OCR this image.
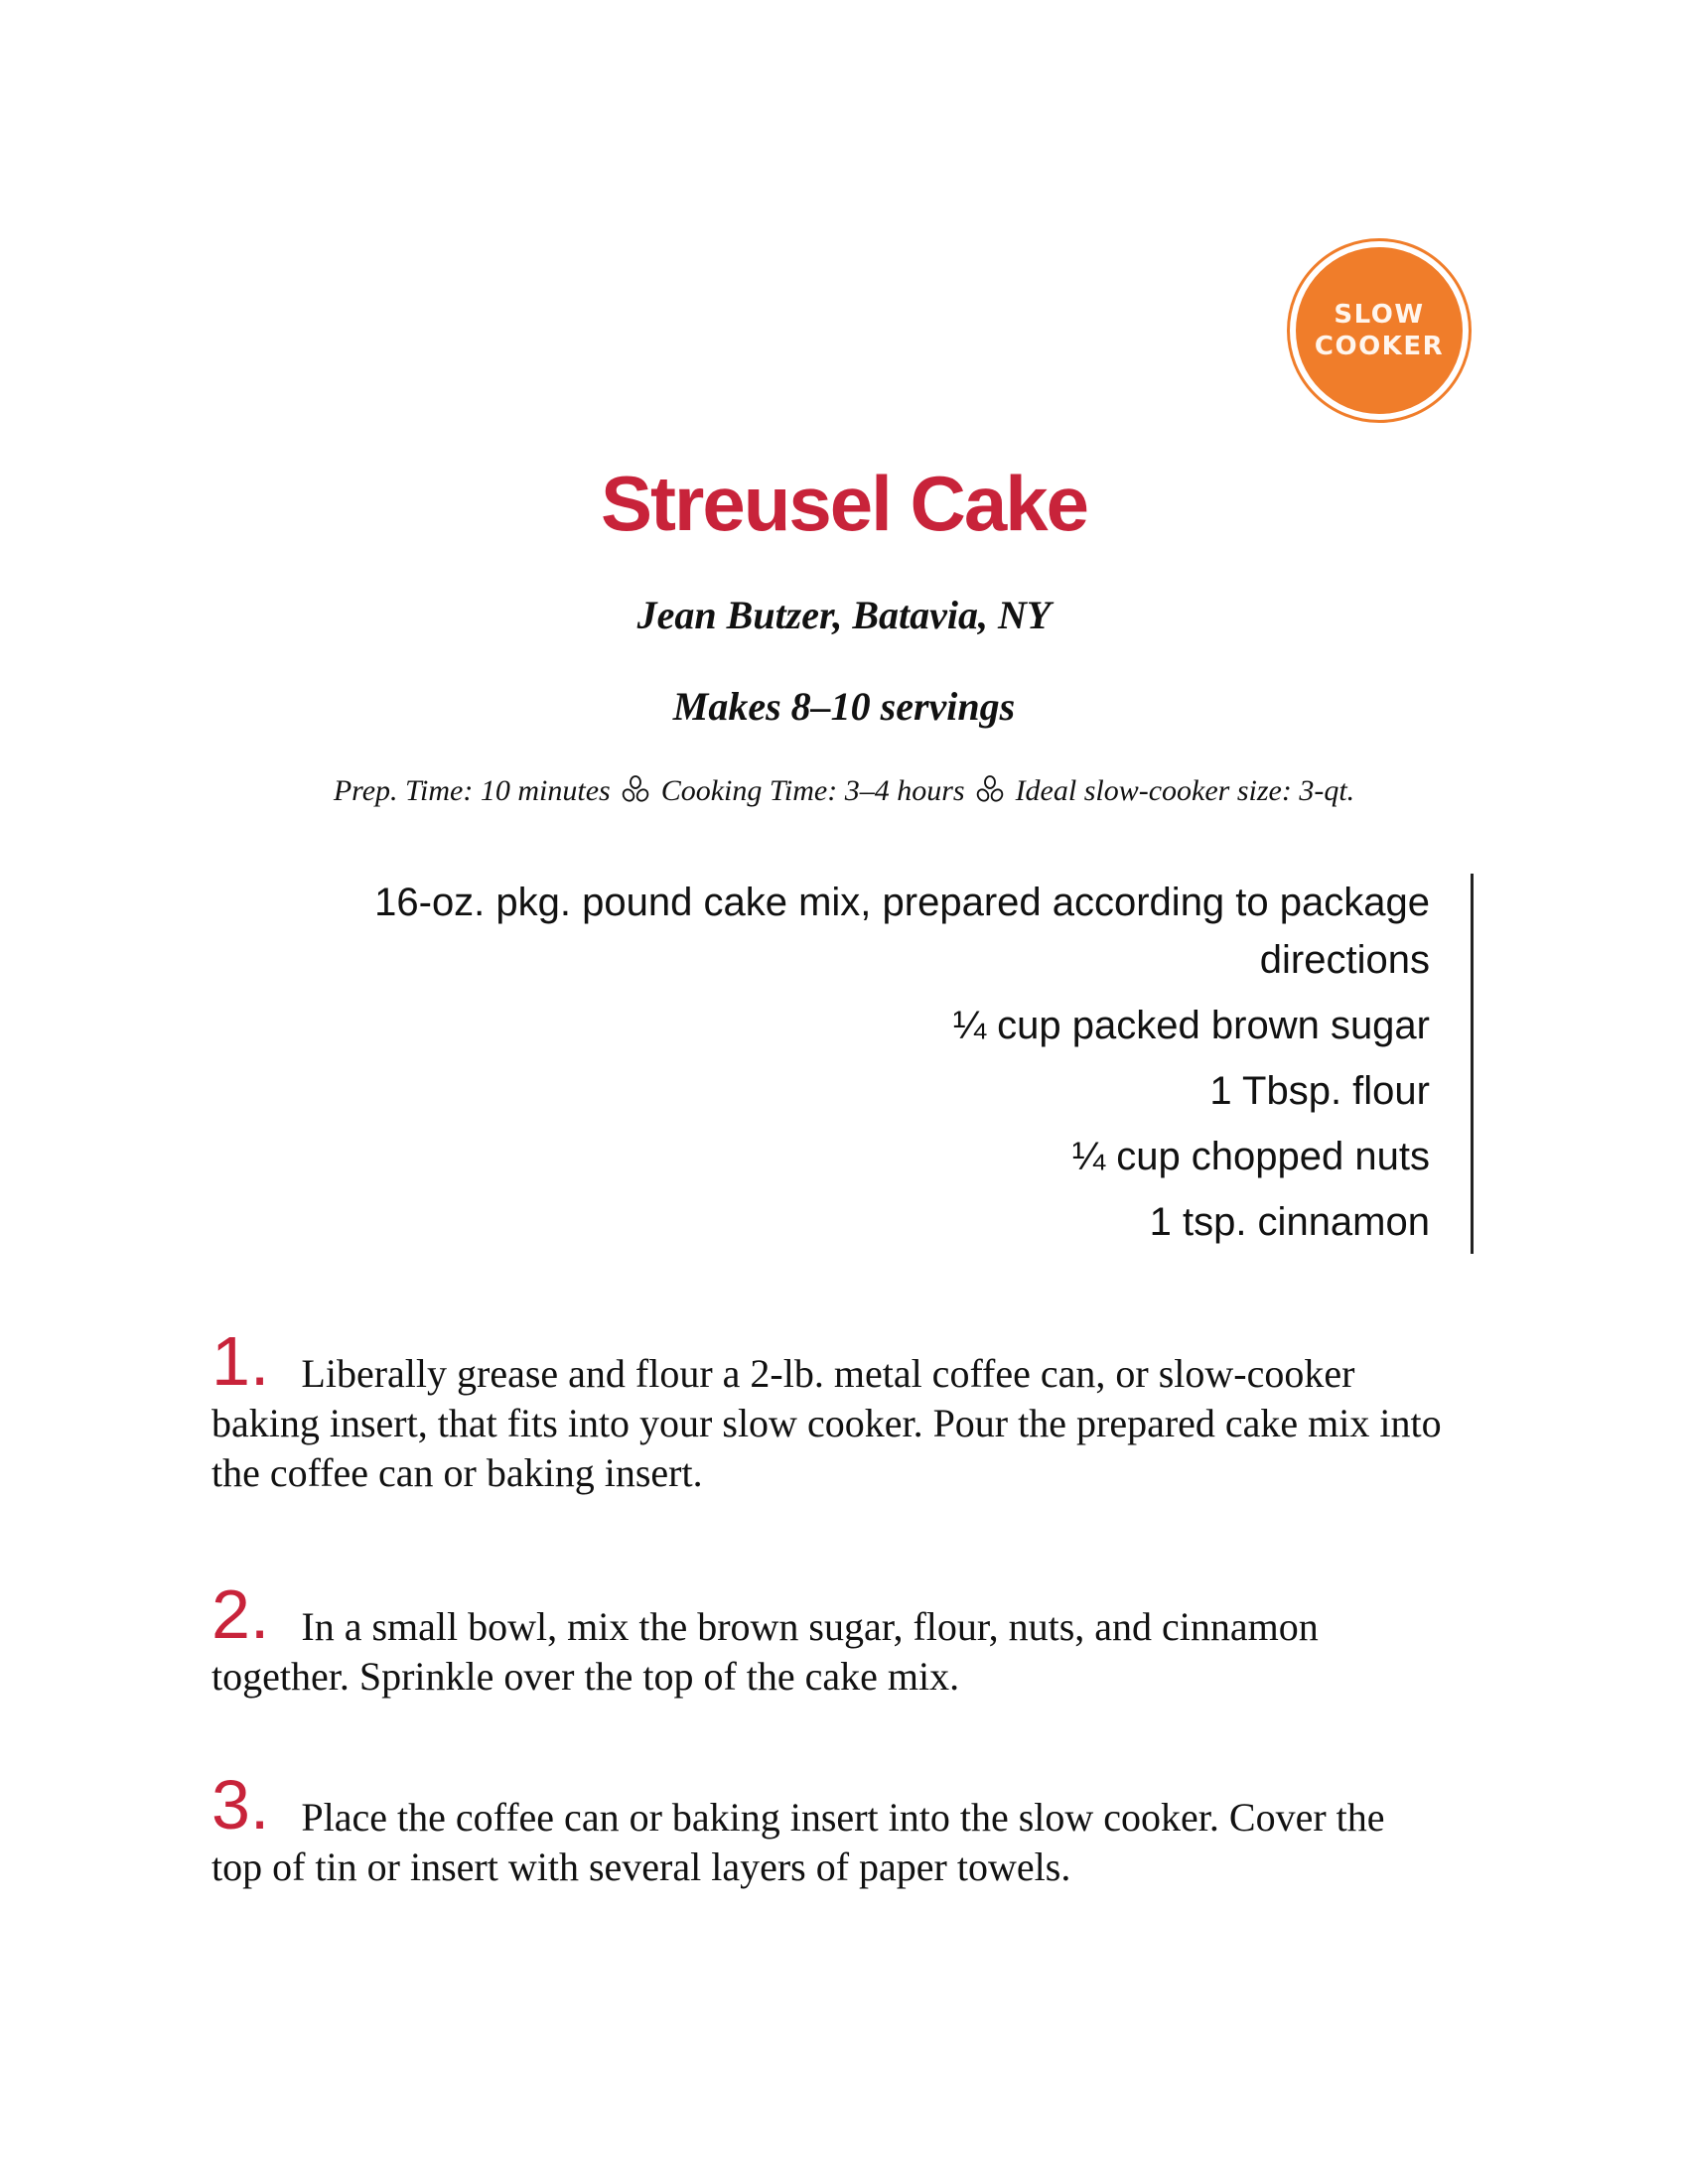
SLOW
COOKER
Streusel Cake
Jean Butzer, Batavia, NY
Makes 8–10 servings
Prep. Time: 10 minutes Cooking Time: 3–4 hours Ideal slow-cooker size: 3-qt.
16-oz. pkg. pound cake mix, prepared according to package directions
¼ cup packed brown sugar
1 Tbsp. flour
¼ cup chopped nuts
1 tsp. cinnamon

1. Liberally grease and flour a 2-lb. metal coffee can, or slow-cooker baking insert, that fits into your slow cooker. Pour the prepared cake mix into the coffee can or baking insert.

2. In a small bowl, mix the brown sugar, flour, nuts, and cinnamon together. Sprinkle over the top of the cake mix.

3. Place the coffee can or baking insert into the slow cooker. Cover the top of tin or insert with several layers of paper towels.
